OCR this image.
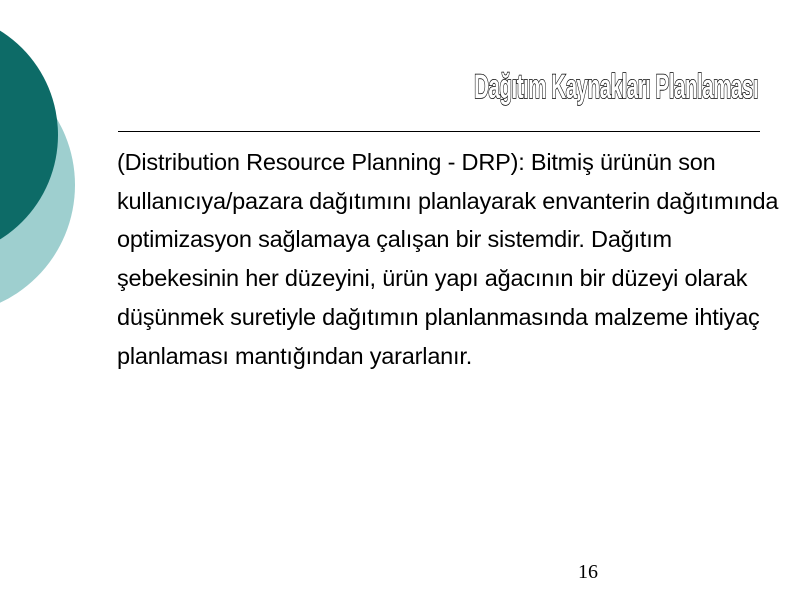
Dağıtım Kaynakları Planlaması

(Distribution Resource Planning - DRP): Bitmiş ürünün son kullanıcıya/pazara dağıtımını planlayarak envanterin dağıtımında optimizasyon sağlamaya çalışan bir sistemdir. Dağıtım şebekesinin her düzeyini, ürün yapı ağacının bir düzeyi olarak düşünmek suretiyle dağıtımın planlanmasında malzeme ihtiyaç planlaması mantığından yararlanır.

16
